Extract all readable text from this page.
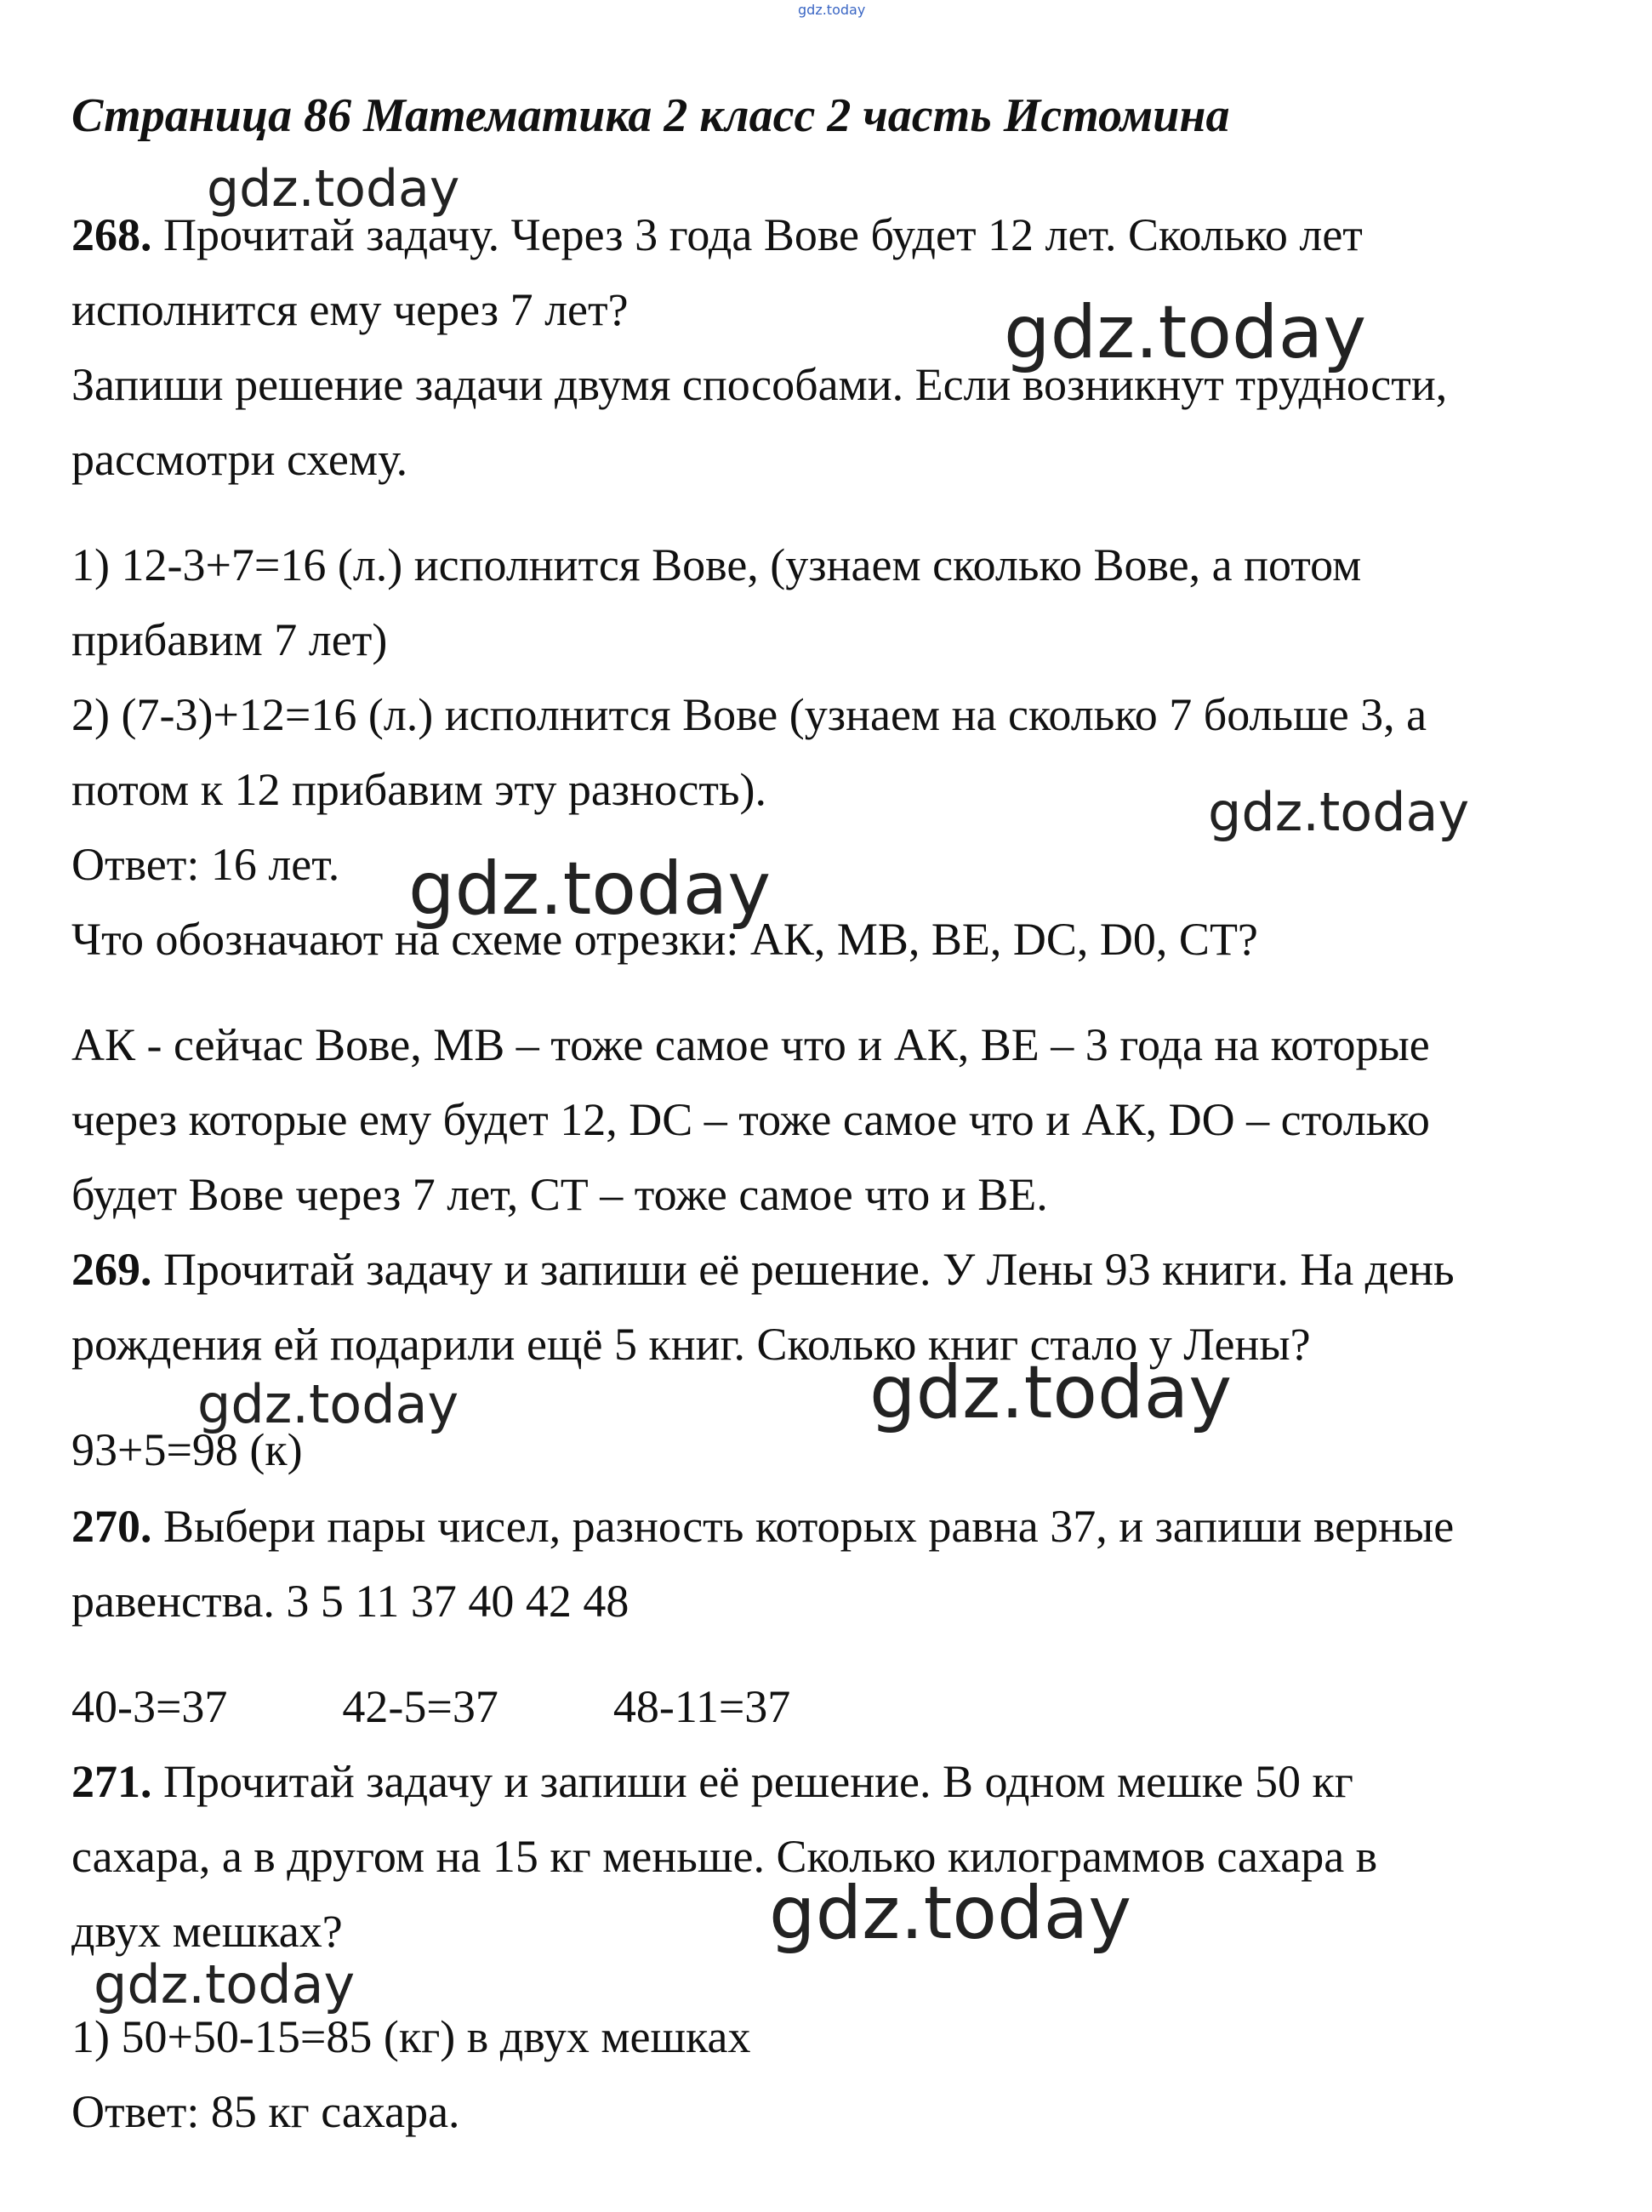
gdz.today
Страница 86 Математика 2 класс 2 часть Истомина
268. Прочитай задачу. Через 3 года Вове будет 12 лет. Сколько лет
исполнится ему через 7 лет?
Запиши решение задачи двумя способами. Если возникнут трудности,
рассмотри схему.
1) 12-3+7=16 (л.) исполнится Вове, (узнаем сколько Вове, а потом
прибавим 7 лет)
2) (7-3)+12=16 (л.) исполнится Вове (узнаем на сколько 7 больше 3, а
потом к 12 прибавим эту разность).
Ответ: 16 лет.
Что обозначают на схеме отрезки: АК, МВ, ВЕ, DC, D0, СТ?
АК - сейчас Вове, МВ – тоже самое что и АК, ВЕ – 3 года на которые
через которые ему будет 12, DC – тоже самое что и АК, DO – столько
будет Вове через 7 лет, СТ – тоже самое что и ВЕ.
269. Прочитай задачу и запиши её решение. У Лены 93 книги. На день
рождения ей подарили ещё 5 книг. Сколько книг стало у Лены?
93+5=98 (к)
270. Выбери пары чисел, разность которых равна 37, и запиши верные
равенства. 3 5 11 37 40 42 48
40-3=37          42-5=37          48-11=37
271. Прочитай задачу и запиши её решение. В одном мешке 50 кг
сахара, а в другом на 15 кг меньше. Сколько килограммов сахара в
двух мешках?
1) 50+50-15=85 (кг) в двух мешках
Ответ: 85 кг сахара.
gdz.today
gdz.today
gdz.today
gdz.today
gdz.today	gdz.today
gdz.today
gdz.today
